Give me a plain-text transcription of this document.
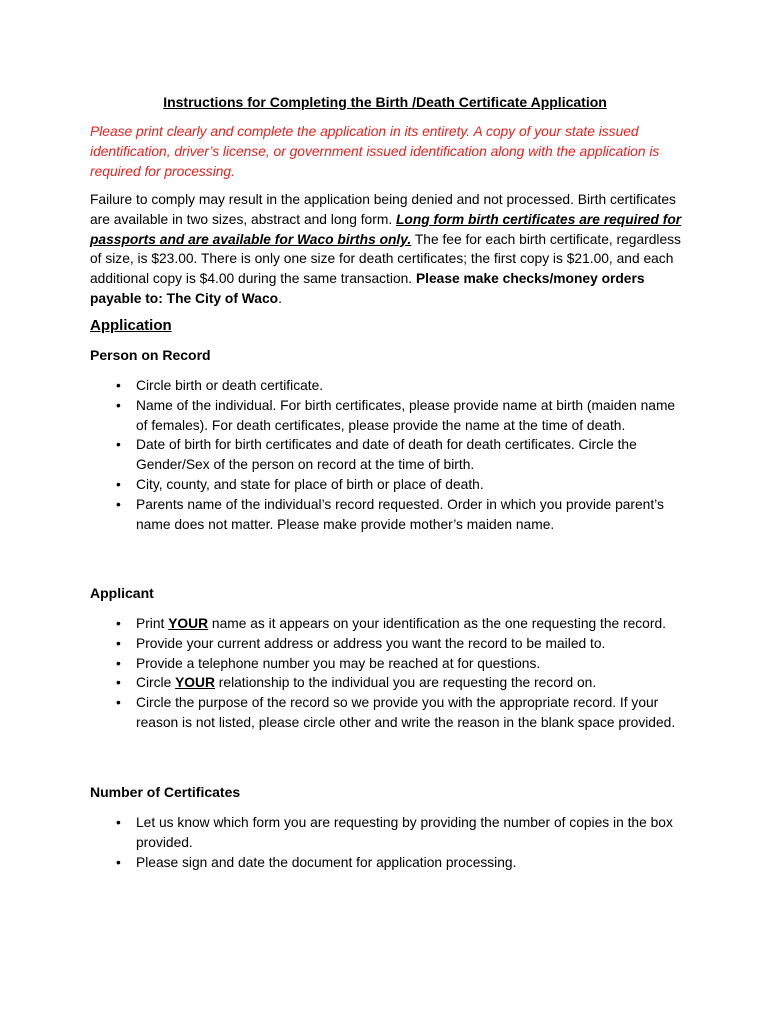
Instructions for Completing the Birth /Death Certificate Application
Please print clearly and complete the application in its entirety. A copy of your state issued identification, driver’s license, or government issued identification along with the application is required for processing.
Failure to comply may result in the application being denied and not processed. Birth certificates are available in two sizes, abstract and long form. Long form birth certificates are required for passports and are available for Waco births only. The fee for each birth certificate, regardless of size, is $23.00. There is only one size for death certificates; the first copy is $21.00, and each additional copy is $4.00 during the same transaction. Please make checks/money orders payable to: The City of Waco.
Application
Person on Record
• Circle birth or death certificate.
• Name of the individual. For birth certificates, please provide name at birth (maiden name of females). For death certificates, please provide the name at the time of death.
• Date of birth for birth certificates and date of death for death certificates. Circle the Gender/Sex of the person on record at the time of birth.
• City, county, and state for place of birth or place of death.
• Parents name of the individual’s record requested. Order in which you provide parent’s name does not matter. Please make provide mother’s maiden name.
Applicant
• Print YOUR name as it appears on your identification as the one requesting the record.
• Provide your current address or address you want the record to be mailed to.
• Provide a telephone number you may be reached at for questions.
• Circle YOUR relationship to the individual you are requesting the record on.
• Circle the purpose of the record so we provide you with the appropriate record. If your reason is not listed, please circle other and write the reason in the blank space provided.
Number of Certificates
• Let us know which form you are requesting by providing the number of copies in the box provided.
• Please sign and date the document for application processing.
